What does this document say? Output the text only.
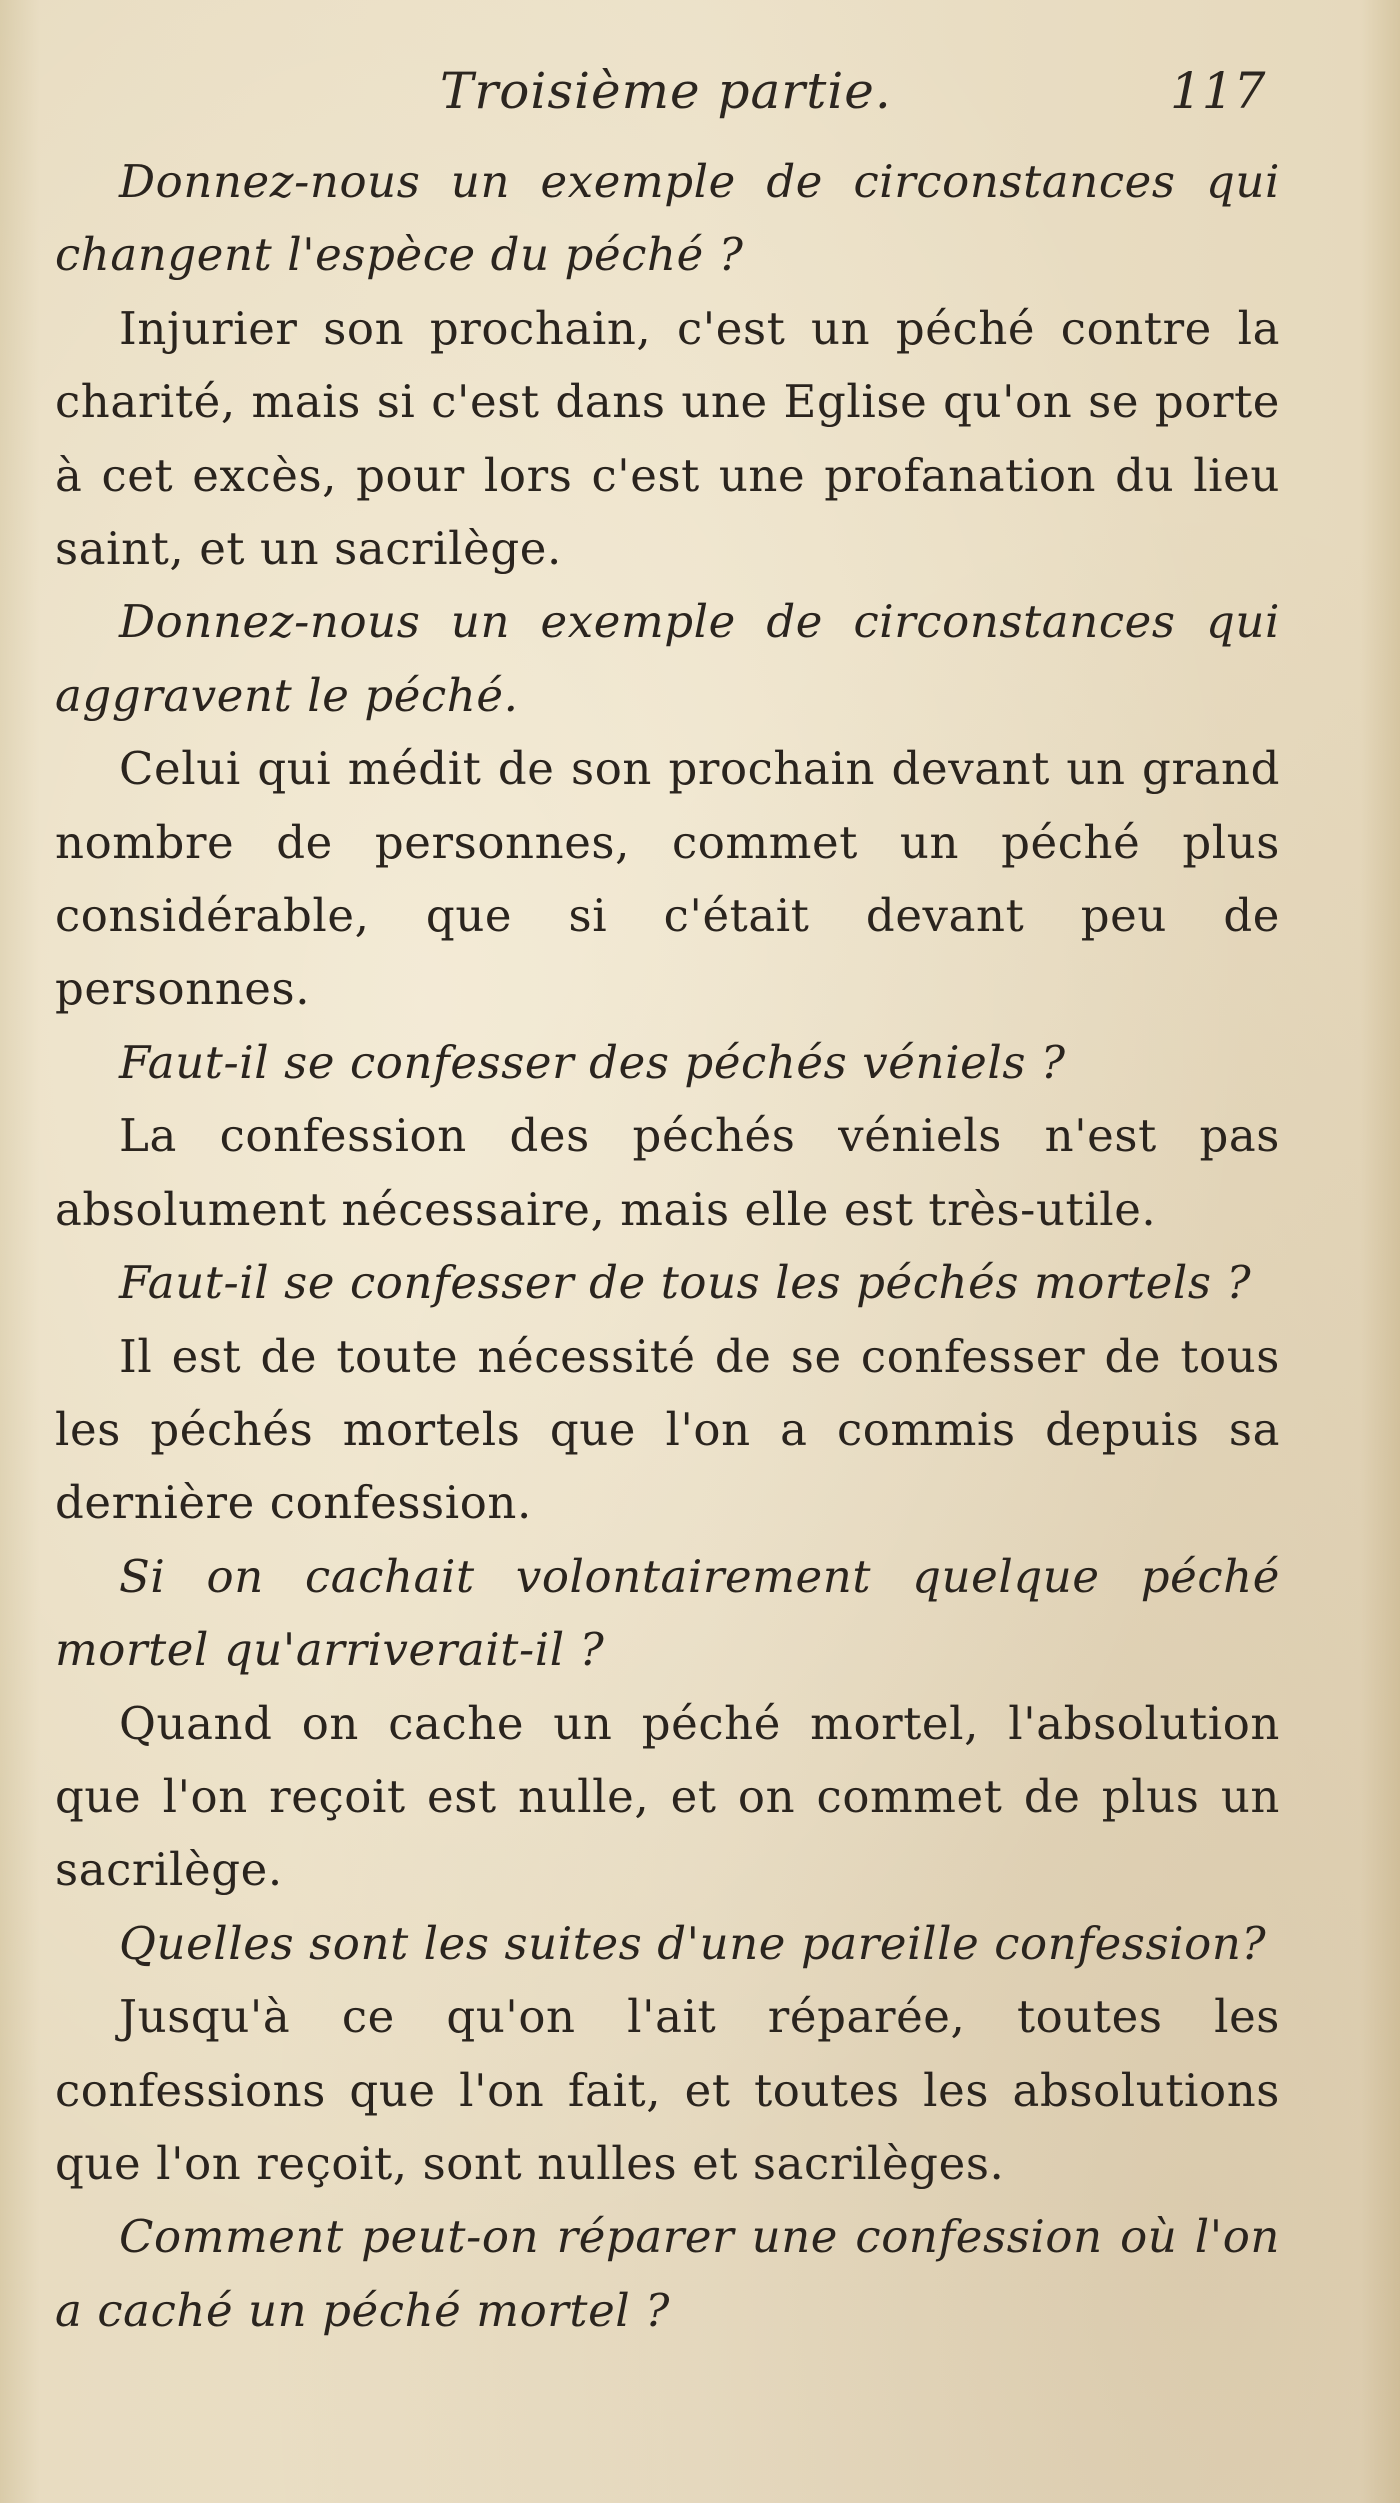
Troisième partie.	117

Donnez-nous un exemple de circonstances qui changent l'espèce du péché ?

Injurier son prochain, c'est un péché contre la charité, mais si c'est dans une Eglise qu'on se porte à cet excès, pour lors c'est une profanation du lieu saint, et un sacrilège.

Donnez-nous un exemple de circonstances qui aggravent le péché.

Celui qui médit de son prochain devant un grand nombre de personnes, commet un péché plus considérable, que si c'était devant peu de personnes.

Faut-il se confesser des péchés véniels ?

La confession des péchés véniels n'est pas absolument nécessaire, mais elle est très-utile.

Faut-il se confesser de tous les péchés mortels ?

Il est de toute nécessité de se confesser de tous les péchés mortels que l'on a commis depuis sa dernière confession.

Si on cachait volontairement quelque péché mortel qu'arriverait-il ?

Quand on cache un péché mortel, l'absolution que l'on reçoit est nulle, et on commet de plus un sacrilège.

Quelles sont les suites d'une pareille confession?

Jusqu'à ce qu'on l'ait réparée, toutes les confessions que l'on fait, et toutes les absolutions que l'on reçoit, sont nulles et sacrilèges.

Comment peut-on réparer une confession où l'on a caché un péché mortel ?
